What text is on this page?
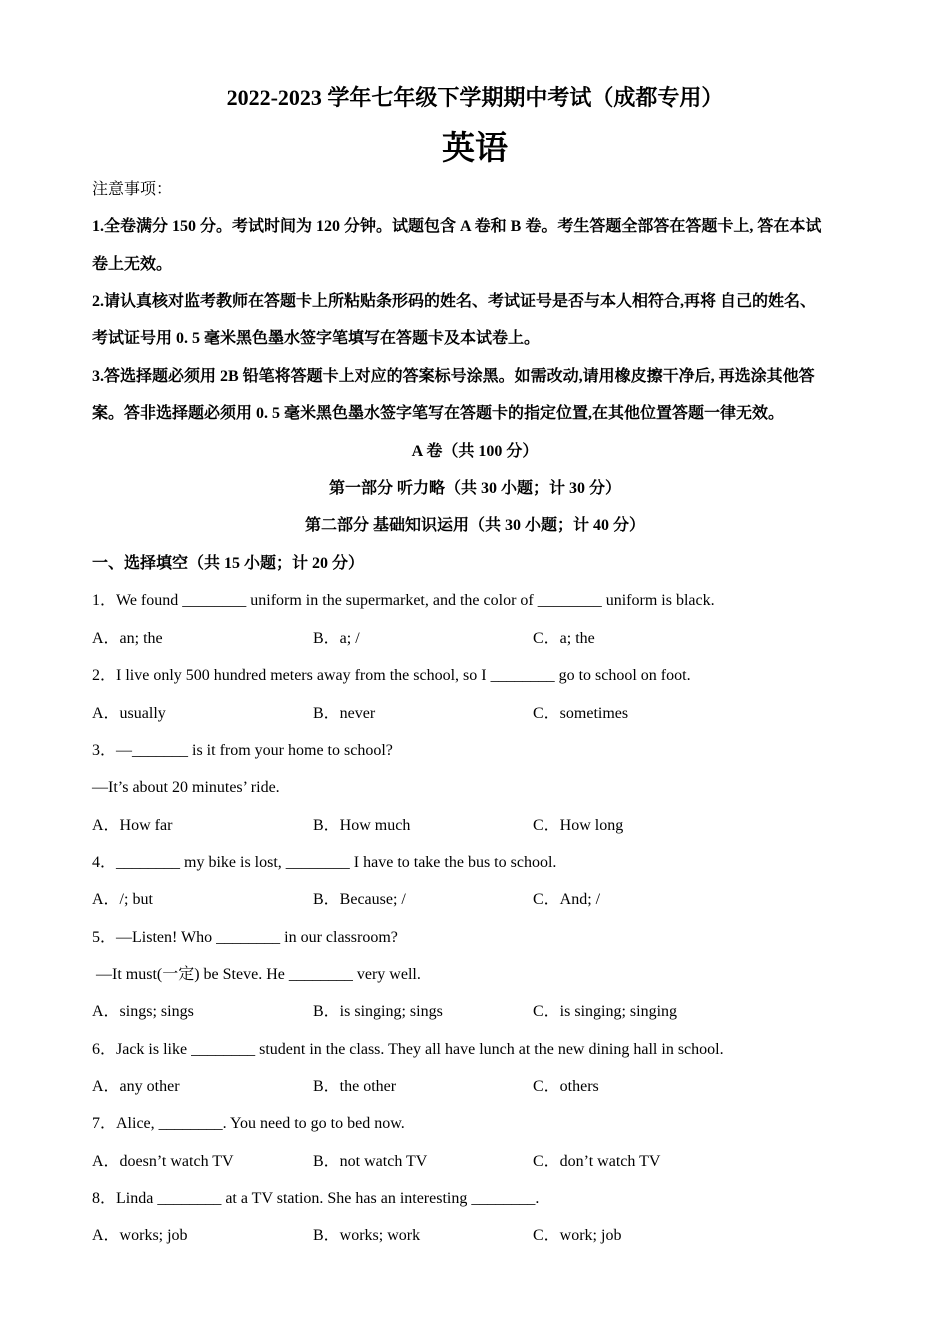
2022-2023 学年七年级下学期期中考试（成都专用）
英语
注意事项：
1.全卷满分 150 分。考试时间为 120 分钟。试题包含 A 卷和 B 卷。考生答题全部答在答题卡上, 答在本试
卷上无效。
2.请认真核对监考教师在答题卡上所粘贴条形码的姓名、考试证号是否与本人相符合,再将 自己的姓名、
考试证号用 0. 5 毫米黑色墨水签字笔填写在答题卡及本试卷上。
3.答选择题必须用 2B 铅笔将答题卡上对应的答案标号涂黑。如需改动,请用橡皮擦干净后, 再选涂其他答
案。答非选择题必须用 0. 5 毫米黑色墨水签字笔写在答题卡的指定位置,在其他位置答题一律无效。
A 卷（共 100 分）
第一部分 听力略（共 30 小题；计 30 分）
第二部分 基础知识运用（共 30 小题；计 40 分）
一、选择填空（共 15 小题；计 20 分）
1．We found ________ uniform in the supermarket, and the color of ________ uniform is black.
A．an; the	B．a; /	C．a; the
2．I live only 500 hundred meters away from the school, so I ________ go to school on foot.
A．usually	B．never	C．sometimes
3．—_______ is it from your home to school?
—It’s about 20 minutes’ ride.
A．How far	B．How much	C．How long
4．________ my bike is lost, ________ I have to take the bus to school.
A．/; but	B．Because; /	C．And; /
5．—Listen! Who ________ in our classroom?
—It must(一定) be Steve. He ________ very well.
A．sings; sings	B．is singing; sings	C．is singing; singing
6．Jack is like ________ student in the class. They all have lunch at the new dining hall in school.
A．any other	B．the other	C．others
7．Alice, ________. You need to go to bed now.
A．doesn’t watch TV	B．not watch TV	C．don’t watch TV
8．Linda ________ at a TV station. She has an interesting ________.
A．works; job	B．works; work	C．work; job
